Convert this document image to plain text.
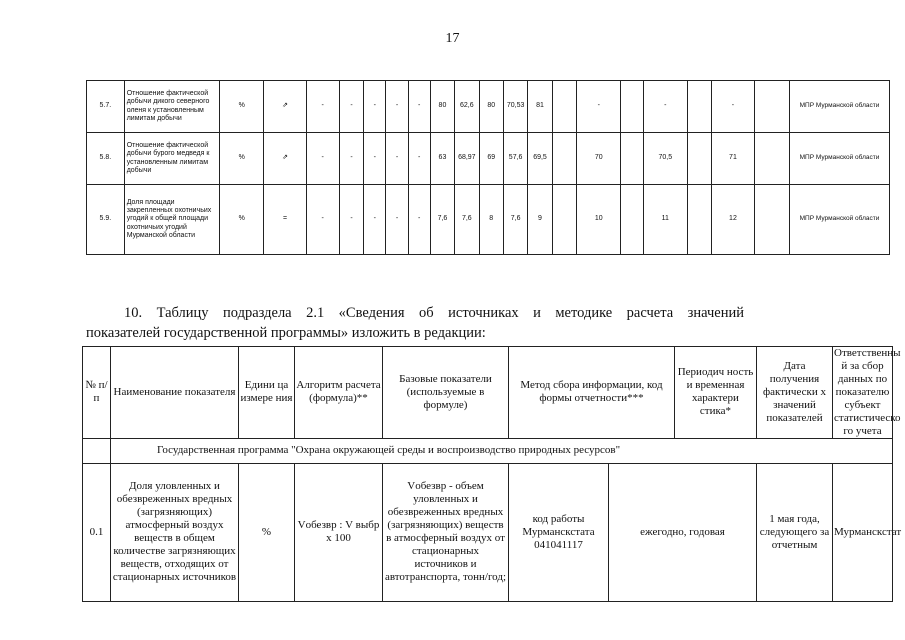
17
5.7.	Отношение фактической добычи дикого северного оленя к установленным лимитам добычи	%	⇗	-	-	-	-	-	80	62,6	80	70,53	81		-		-		-		МПР Мурманской области
5.8.	Отношение фактической добычи бурого медведя к установленным лимитам добычи	%	⇗	-	-	-	-	-	63	68,97	69	57,6	69,5		70		70,5		71		МПР Мурманской области
5.9.	Доля площади закрепленных охотничьих угодий к общей площади охотничьих угодий Мурманской области	%	=	-	-	-	-	-	7,6	7,6	8	7,6	9		10		11		12		МПР Мурманской области
10. Таблицу подраздела 2.1 «Сведения об источниках и методике расчета значений
показателей государственной программы» изложить в редакции:
№ п/п	Наименование показателя	Едини ца измере ния	Алгоритм расчета (формула)**	Базовые показатели (используемые в формуле)	Метод сбора информации, код формы отчетности***		Периодич ность и временная характери стика*	Дата получения фактически х значений показателей	Ответственны й за сбор данных по показателю субъект статистическо го учета
	Государственная программа "Охрана окружающей среды и воспроизводство природных ресурсов"								
0.1	Доля уловленных и обезвреженных вредных (загрязняющих) атмосферный воздух веществ в общем количестве загрязняющих веществ, отходящих от стационарных источников	%	Vобезвр : V выбр х 100	Vобезвр - объем уловленных и обезвреженных вредных (загрязняющих) веществ в атмосферный воздух от стационарных источников и автотранспорта, тонн/год;	код работы Мурманскстата 041041117	ежегодно, годовая		1 мая года, следующего за отчетным	Мурманскстат
